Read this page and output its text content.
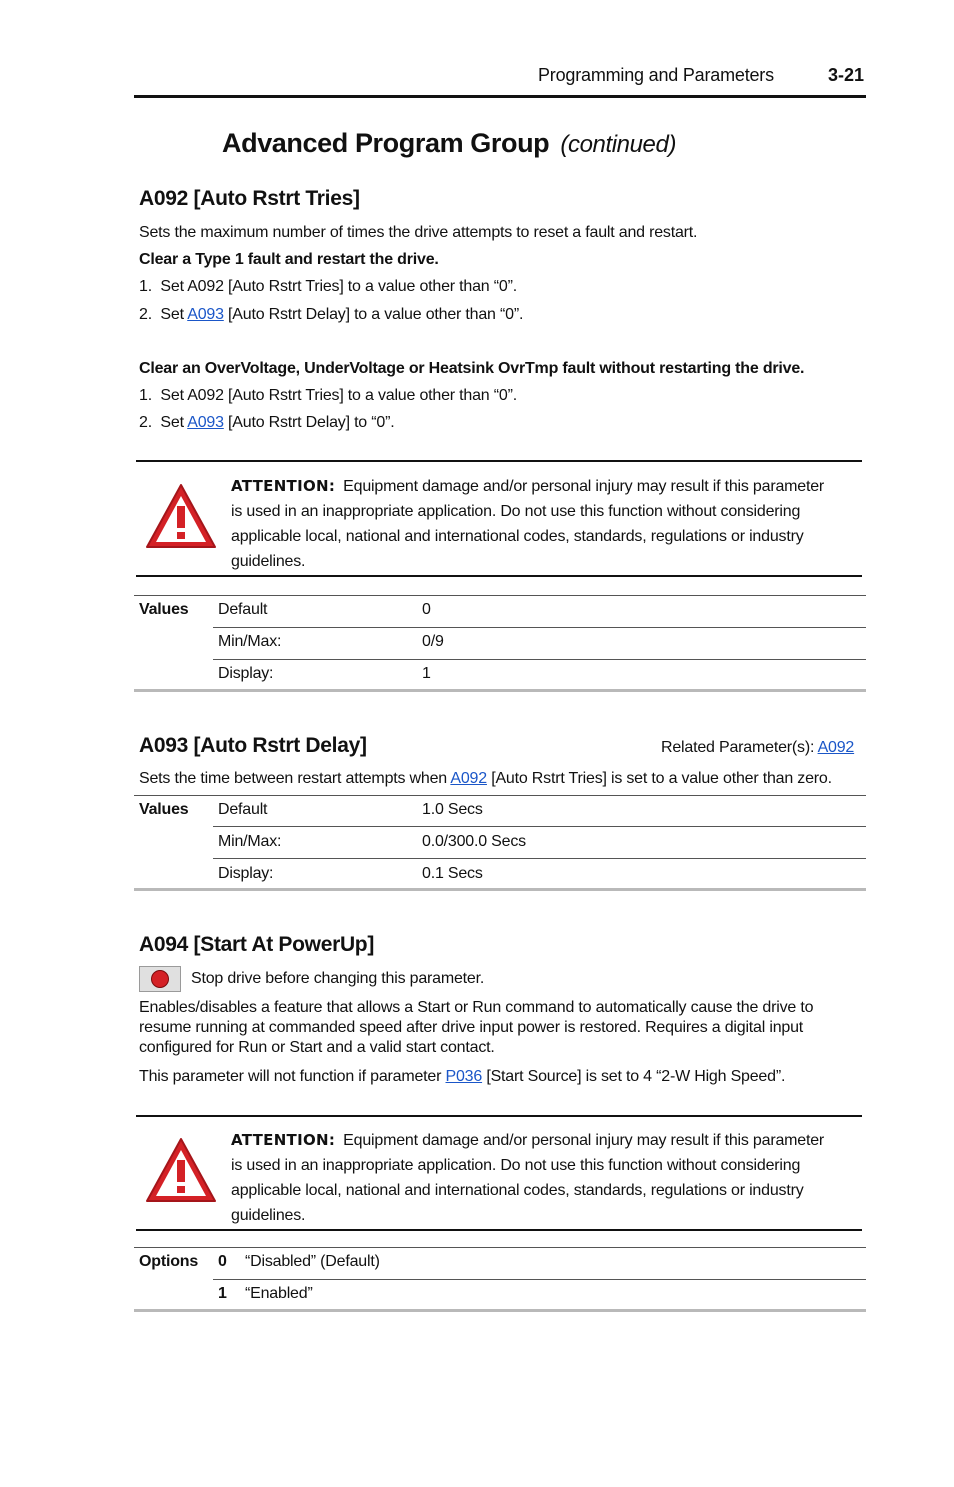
Programming and Parameters	3-21
Advanced Program Group (continued)
A092 [Auto Rstrt Tries]
Sets the maximum number of times the drive attempts to reset a fault and restart.
Clear a Type 1 fault and restart the drive.
1.  Set A092 [Auto Rstrt Tries] to a value other than “0”.
2.  Set A093 [Auto Rstrt Delay] to a value other than “0”.
Clear an OverVoltage, UnderVoltage or Heatsink OvrTmp fault without restarting the drive.
1.  Set A092 [Auto Rstrt Tries] to a value other than “0”.
2.  Set A093 [Auto Rstrt Delay] to “0”.
ATTENTION: Equipment damage and/or personal injury may result if this parameter
is used in an inappropriate application. Do not use this function without considering
applicable local, national and international codes, standards, regulations or industry
guidelines.
Values Default	0
Min/Max:	0/9
Display:	1
A093 [Auto Rstrt Delay]	Related Parameter(s): A092
Sets the time between restart attempts when A092 [Auto Rstrt Tries] is set to a value other than zero.
Values Default	1.0 Secs
Min/Max:	0.0/300.0 Secs
Display:	0.1 Secs
A094 [Start At PowerUp]
Stop drive before changing this parameter.
Enables/disables a feature that allows a Start or Run command to automatically cause the drive to
resume running at commanded speed after drive input power is restored. Requires a digital input
configured for Run or Start and a valid start contact.
This parameter will not function if parameter P036 [Start Source] is set to 4 “2-W High Speed”.
ATTENTION: Equipment damage and/or personal injury may result if this parameter
is used in an inappropriate application. Do not use this function without considering
applicable local, national and international codes, standards, regulations or industry
guidelines.
Options 0 “Disabled” (Default)
1 “Enabled”
